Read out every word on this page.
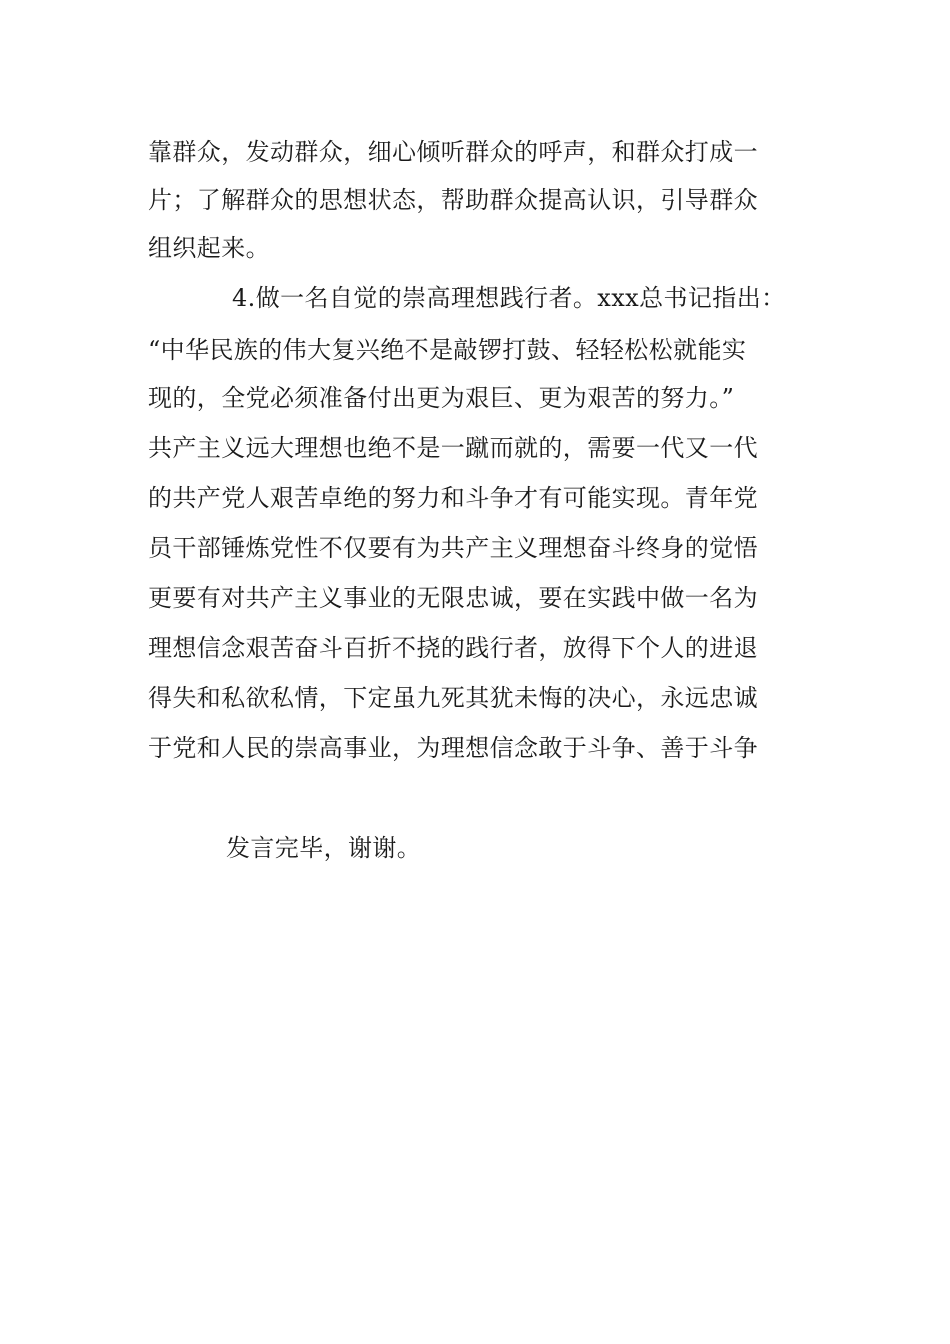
靠群众，发动群众，细心倾听群众的呼声，和群众打成一
片；了解群众的思想状态，帮助群众提高认识，引导群众
组织起来。
4.做一名自觉的崇高理想践行者。xxx总书记指出：
“中华民族的伟大复兴绝不是敲锣打鼓、轻轻松松就能实
现的，全党必须准备付出更为艰巨、更为艰苦的努力。”
共产主义远大理想也绝不是一蹴而就的，需要一代又一代
的共产党人艰苦卓绝的努力和斗争才有可能实现。青年党
员干部锤炼党性不仅要有为共产主义理想奋斗终身的觉悟
更要有对共产主义事业的无限忠诚，要在实践中做一名为
理想信念艰苦奋斗百折不挠的践行者，放得下个人的进退
得失和私欲私情，下定虽九死其犹未悔的决心，永远忠诚
于党和人民的崇高事业，为理想信念敢于斗争、善于斗争
发言完毕，谢谢。
